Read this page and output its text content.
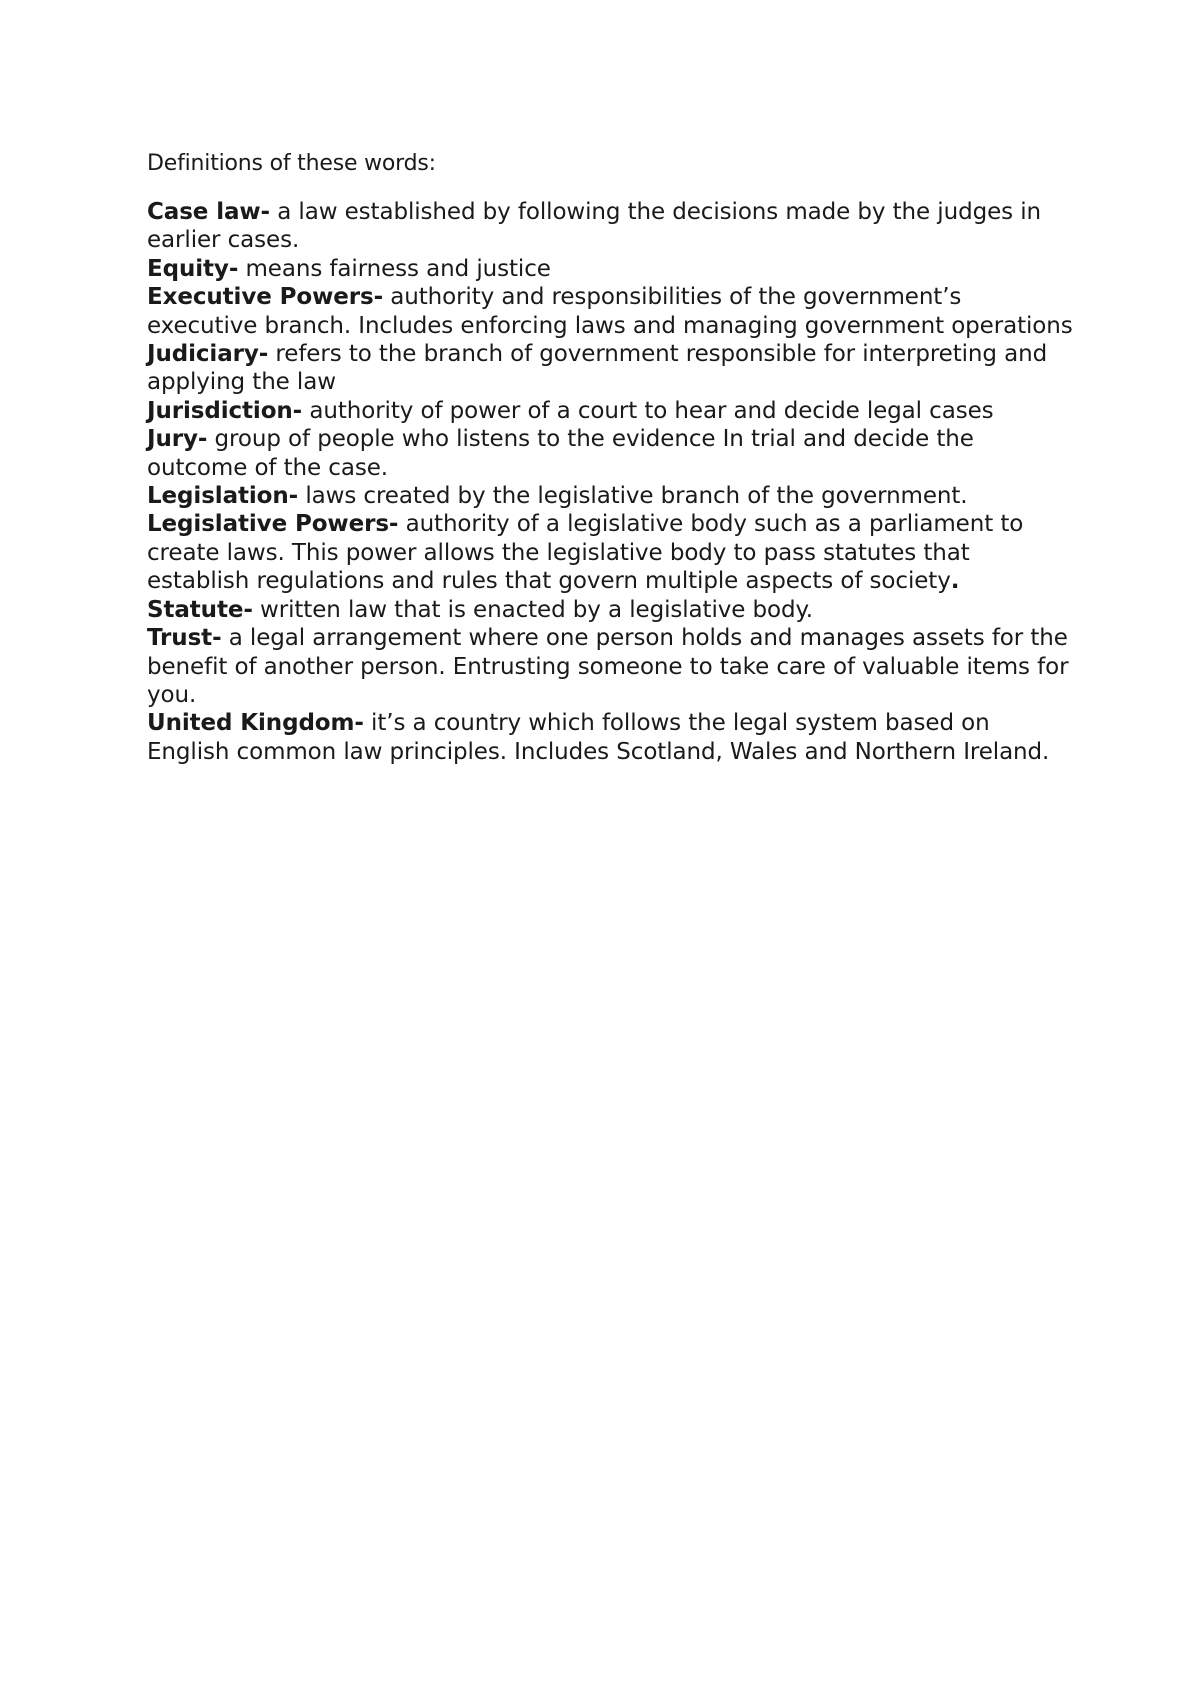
Definitions of these words:

Case law- a law established by following the decisions made by the judges in earlier cases.

Equity- means fairness and justice

Executive Powers- authority and responsibilities of the government’s executive branch. Includes enforcing laws and managing government operations

Judiciary- refers to the branch of government responsible for interpreting and applying the law

Jurisdiction- authority of power of a court to hear and decide legal cases

Jury- group of people who listens to the evidence In trial and decide the outcome of the case.

Legislation- laws created by the legislative branch of the government.

Legislative Powers- authority of a legislative body such as a parliament to create laws. This power allows the legislative body to pass statutes that establish regulations and rules that govern multiple aspects of society.

Statute- written law that is enacted by a legislative body.

Trust- a legal arrangement where one person holds and manages assets for the benefit of another person. Entrusting someone to take care of valuable items for you.

United Kingdom- it’s a country which follows the legal system based on English common law principles. Includes Scotland, Wales and Northern Ireland.
